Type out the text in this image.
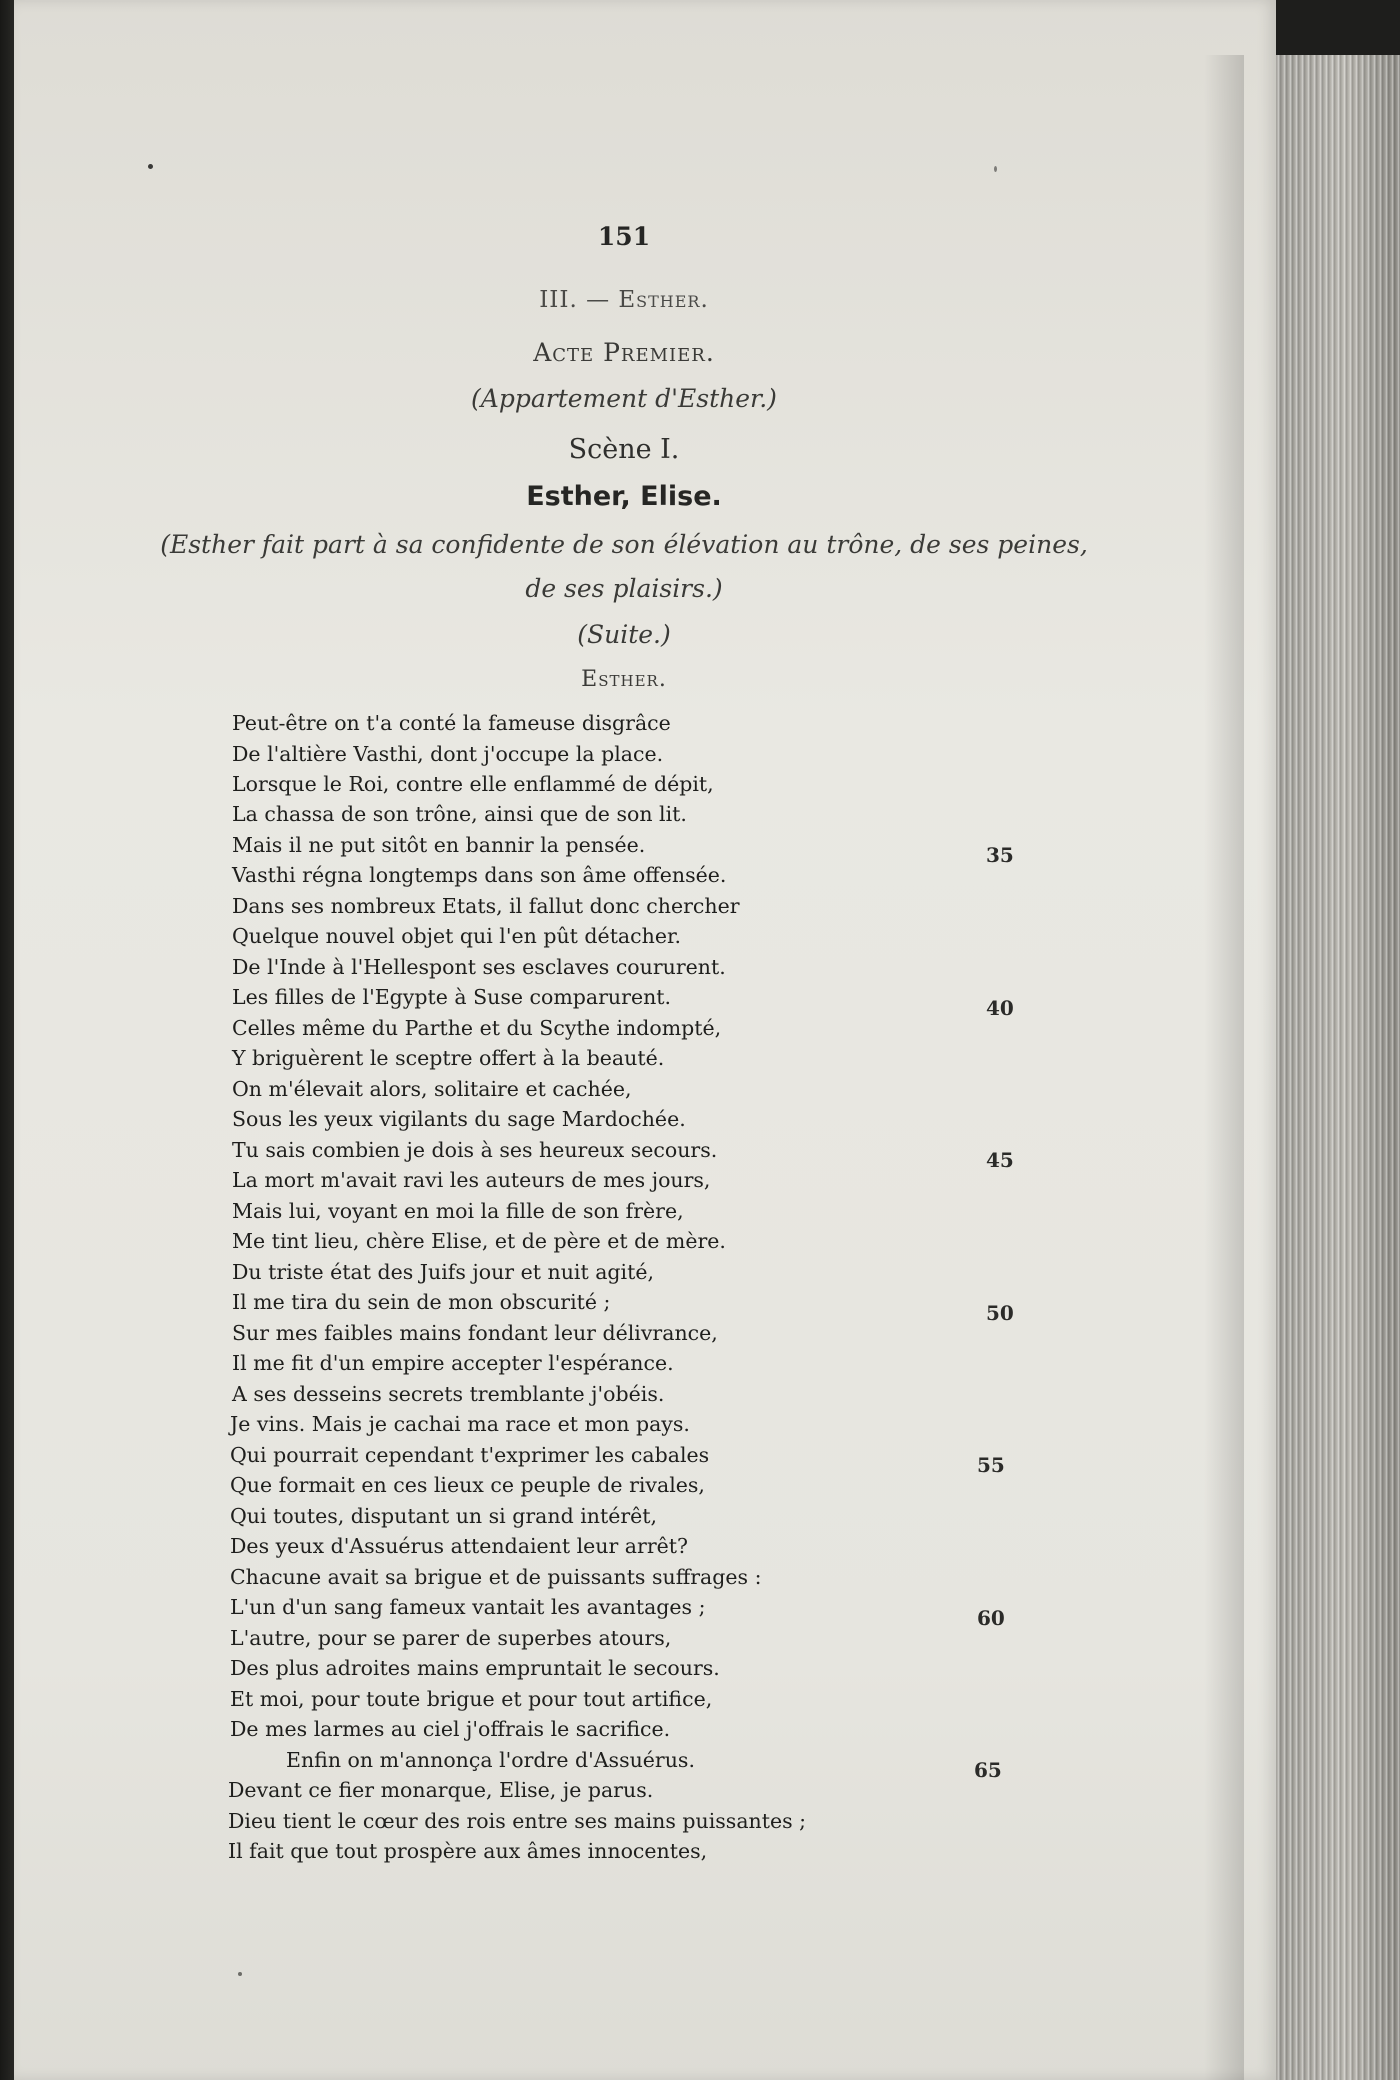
151
III. — Esther.
Acte Premier.
(Appartement d'Esther.)
Scène I.
Esther, Elise.
(Esther fait part à sa confidente de son élévation au trône, de ses peines,
de ses plaisirs.)
(Suite.)
Esther.
Peut-être on t'a conté la fameuse disgrâce
De l'altière Vasthi, dont j'occupe la place.
Lorsque le Roi, contre elle enflammé de dépit,
La chassa de son trône, ainsi que de son lit.
Mais il ne put sitôt en bannir la pensée.
Vasthi régna longtemps dans son âme offensée.
Dans ses nombreux Etats, il fallut donc chercher
Quelque nouvel objet qui l'en pût détacher.
De l'Inde à l'Hellespont ses esclaves coururent.
Les filles de l'Egypte à Suse comparurent.
Celles même du Parthe et du Scythe indompté,
Y briguèrent le sceptre offert à la beauté.
On m'élevait alors, solitaire et cachée,
Sous les yeux vigilants du sage Mardochée.
Tu sais combien je dois à ses heureux secours.
La mort m'avait ravi les auteurs de mes jours,
Mais lui, voyant en moi la fille de son frère,
Me tint lieu, chère Elise, et de père et de mère.
Du triste état des Juifs jour et nuit agité,
Il me tira du sein de mon obscurité ;
Sur mes faibles mains fondant leur délivrance,
Il me fit d'un empire accepter l'espérance.
A ses desseins secrets tremblante j'obéis.
Je vins. Mais je cachai ma race et mon pays.
Qui pourrait cependant t'exprimer les cabales
Que formait en ces lieux ce peuple de rivales,
Qui toutes, disputant un si grand intérêt,
Des yeux d'Assuérus attendaient leur arrêt?
Chacune avait sa brigue et de puissants suffrages :
L'un d'un sang fameux vantait les avantages ;
L'autre, pour se parer de superbes atours,
Des plus adroites mains empruntait le secours.
Et moi, pour toute brigue et pour tout artifice,
De mes larmes au ciel j'offrais le sacrifice.
Enfin on m'annonça l'ordre d'Assuérus.
Devant ce fier monarque, Elise, je parus.
Dieu tient le cœur des rois entre ses mains puissantes ;
Il fait que tout prospère aux âmes innocentes,
35
40
45
50
55
60
65
